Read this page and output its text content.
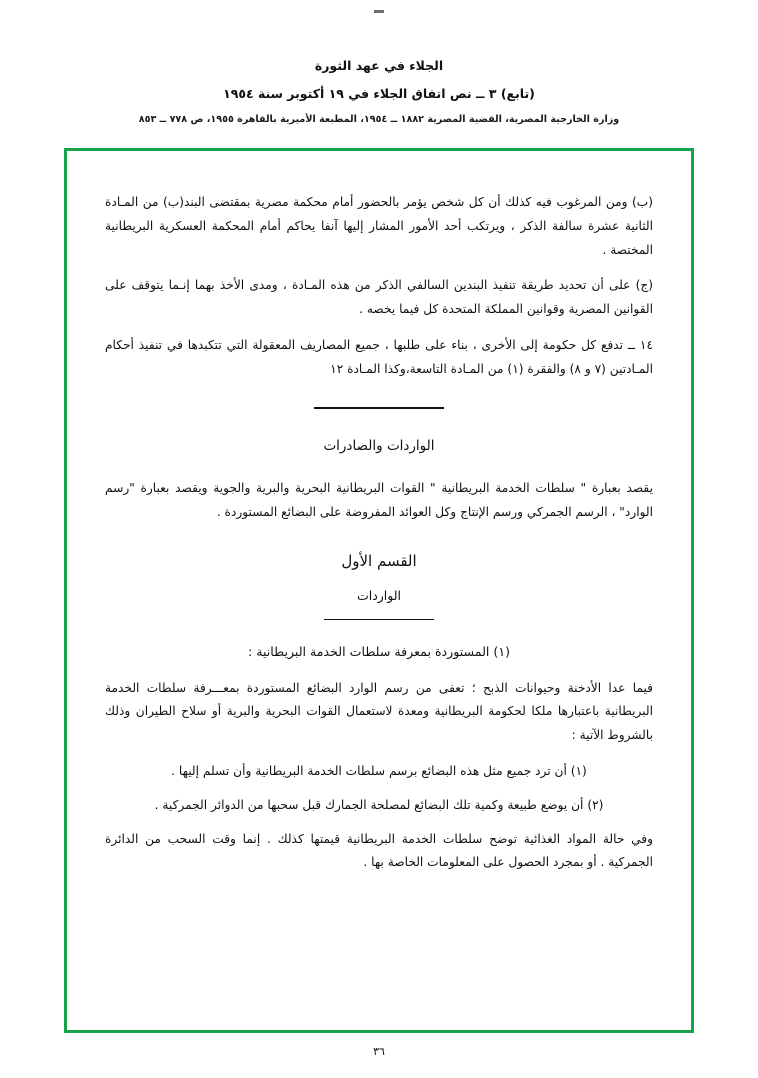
الجلاء في عهد الثورة
(تابع) ٣ ــ نص اتفاق الجلاء في ١٩ أكتوبر سنة ١٩٥٤
وزارة الخارجية المصرية، القضية المصرية ١٨٨٢ ــ ١٩٥٤، المطبعة الأميرية بالقاهرة ١٩٥٥، ص ٧٧٨ ــ ٨٥٣
(ب) ومن المرغوب فيه كذلك أن كل شخص يؤمر بالحضور أمام محكمة مصرية بمقتضى البند(ب) من المـادة الثانية عشرة سالفة الذكر ، ويرتكب أحد الأمور المشار إليها آنفا يحاكم أمام المحكمة العسكرية البريطانية المختصة .
(ج) على أن تحديد طريقة تنفيذ البندين السالفي الذكر من هذه المـادة ، ومدى الأخذ بهما إنـما يتوقف على القوانين المصرية وقوانين المملكة المتحدة كل فيما يخصه .
١٤ ــ تدفع كل حكومة إلى الأخرى ، بناء على طلبها ، جميع المصاريف المعقولة التي تتكبدها في تنفيذ أحكام المـادتين (٧ و ٨) والفقرة (١) من المـادة التاسعة،وكذا المـادة ١٢
الواردات والصادرات
يقصد بعبارة " سلطات الخدمة البريطانية " القوات البريطانية البحرية والبرية والجوية ويقصد بعبارة "رسم الوارد" ، الرسم الجمركي ورسم الإنتاج وكل العوائد المفروضة على البضائع المستوردة .
القسم الأول
الواردات
(١) المستوردة بمعرفة سلطات الخدمة البريطانية :
فيما عدا الأدخنة وحيوانات الذبح ؛ تعفى من رسم الوارد البضائع المستوردة بمعـــرفة سلطات الخدمة البريطانية باعتبارها ملكا لحكومة البريطانية ومعدة لاستعمال القوات البحرية والبرية أو سلاح الطيران وذلك بالشروط الآتية :
(١) أن ترد جميع مثل هذه البضائع برسم سلطات الخدمة البريطانية وأن تسلم إليها .
(٢) أن يوضع طبيعة وكمية تلك البضائع لمصلحة الجمارك قبل سحبها من الدوائر الجمركية .
وفي حالة المواد الغذائية توضح سلطات الخدمة البريطانية قيمتها كذلك . إنما وقت السحب من الدائرة الجمركية . أو بمجرد الحصول على المعلومات الخاصة بها .
٣٦
